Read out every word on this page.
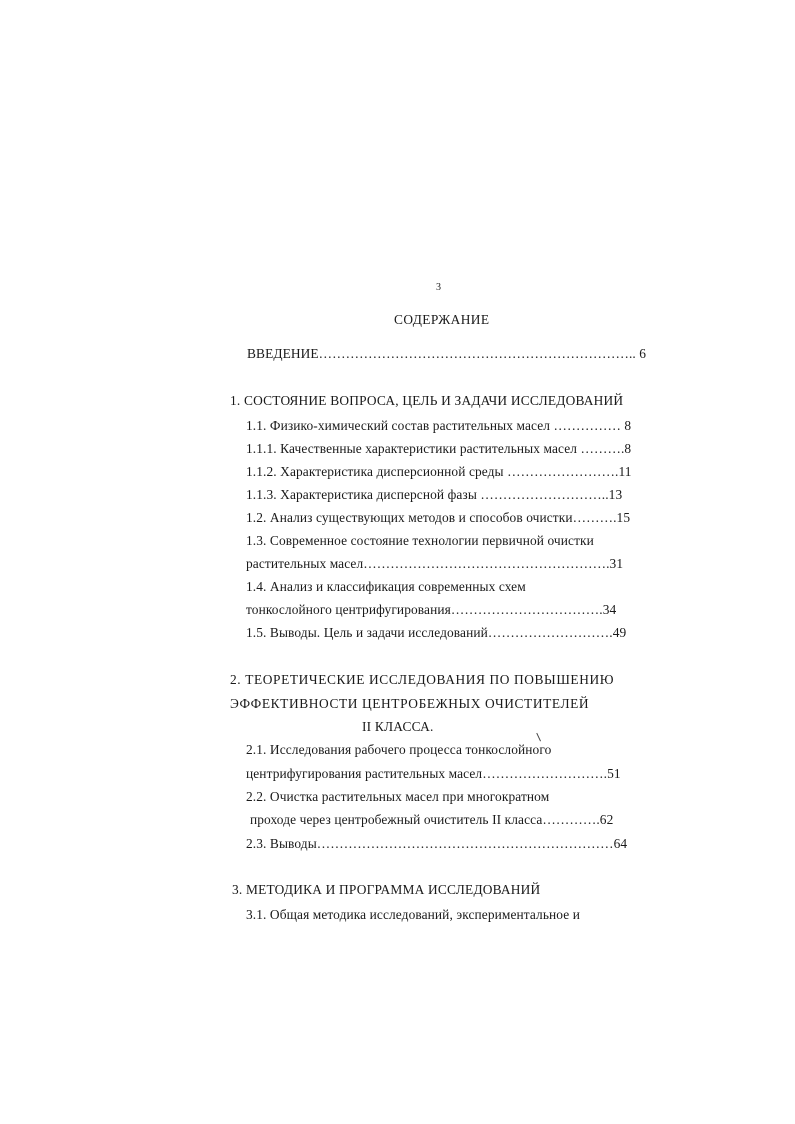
3
СОДЕРЖАНИЕ
ВВЕДЕНИЕ…………………………………………………………….. 6
1. СОСТОЯНИЕ ВОПРОСА, ЦЕЛЬ И ЗАДАЧИ ИССЛЕДОВАНИЙ
1.1. Физико-химический состав растительных масел …………… 8
1.1.1. Качественные характеристики растительных масел ……….8
1.1.2. Характеристика дисперсионной среды …………………….11
1.1.3. Характеристика дисперсной фазы ………………………..13
1.2. Анализ существующих методов и способов очистки……….15
1.3. Современное состояние технологии первичной очистки
растительных масел……………………………………………….31
1.4. Анализ и классификация современных схем
тонкослойного центрифугирования…………………………….34
1.5. Выводы. Цель и задачи исследований……………………….49
2. ТЕОРЕТИЧЕСКИЕ ИССЛЕДОВАНИЯ ПО ПОВЫШЕНИЮ
ЭФФЕКТИВНОСТИ ЦЕНТРОБЕЖНЫХ ОЧИСТИТЕЛЕЙ
II КЛАССА.
2.1. Исследования рабочего процесса тонкослойного
центрифугирования растительных масел……………………….51
2.2. Очистка растительных масел при многократном
проходе через центробежный очиститель II класса………….62
2.3. Выводы…………………………………………………………64
3. МЕТОДИКА И ПРОГРАММА ИССЛЕДОВАНИЙ
3.1. Общая методика исследований, экспериментальное и
